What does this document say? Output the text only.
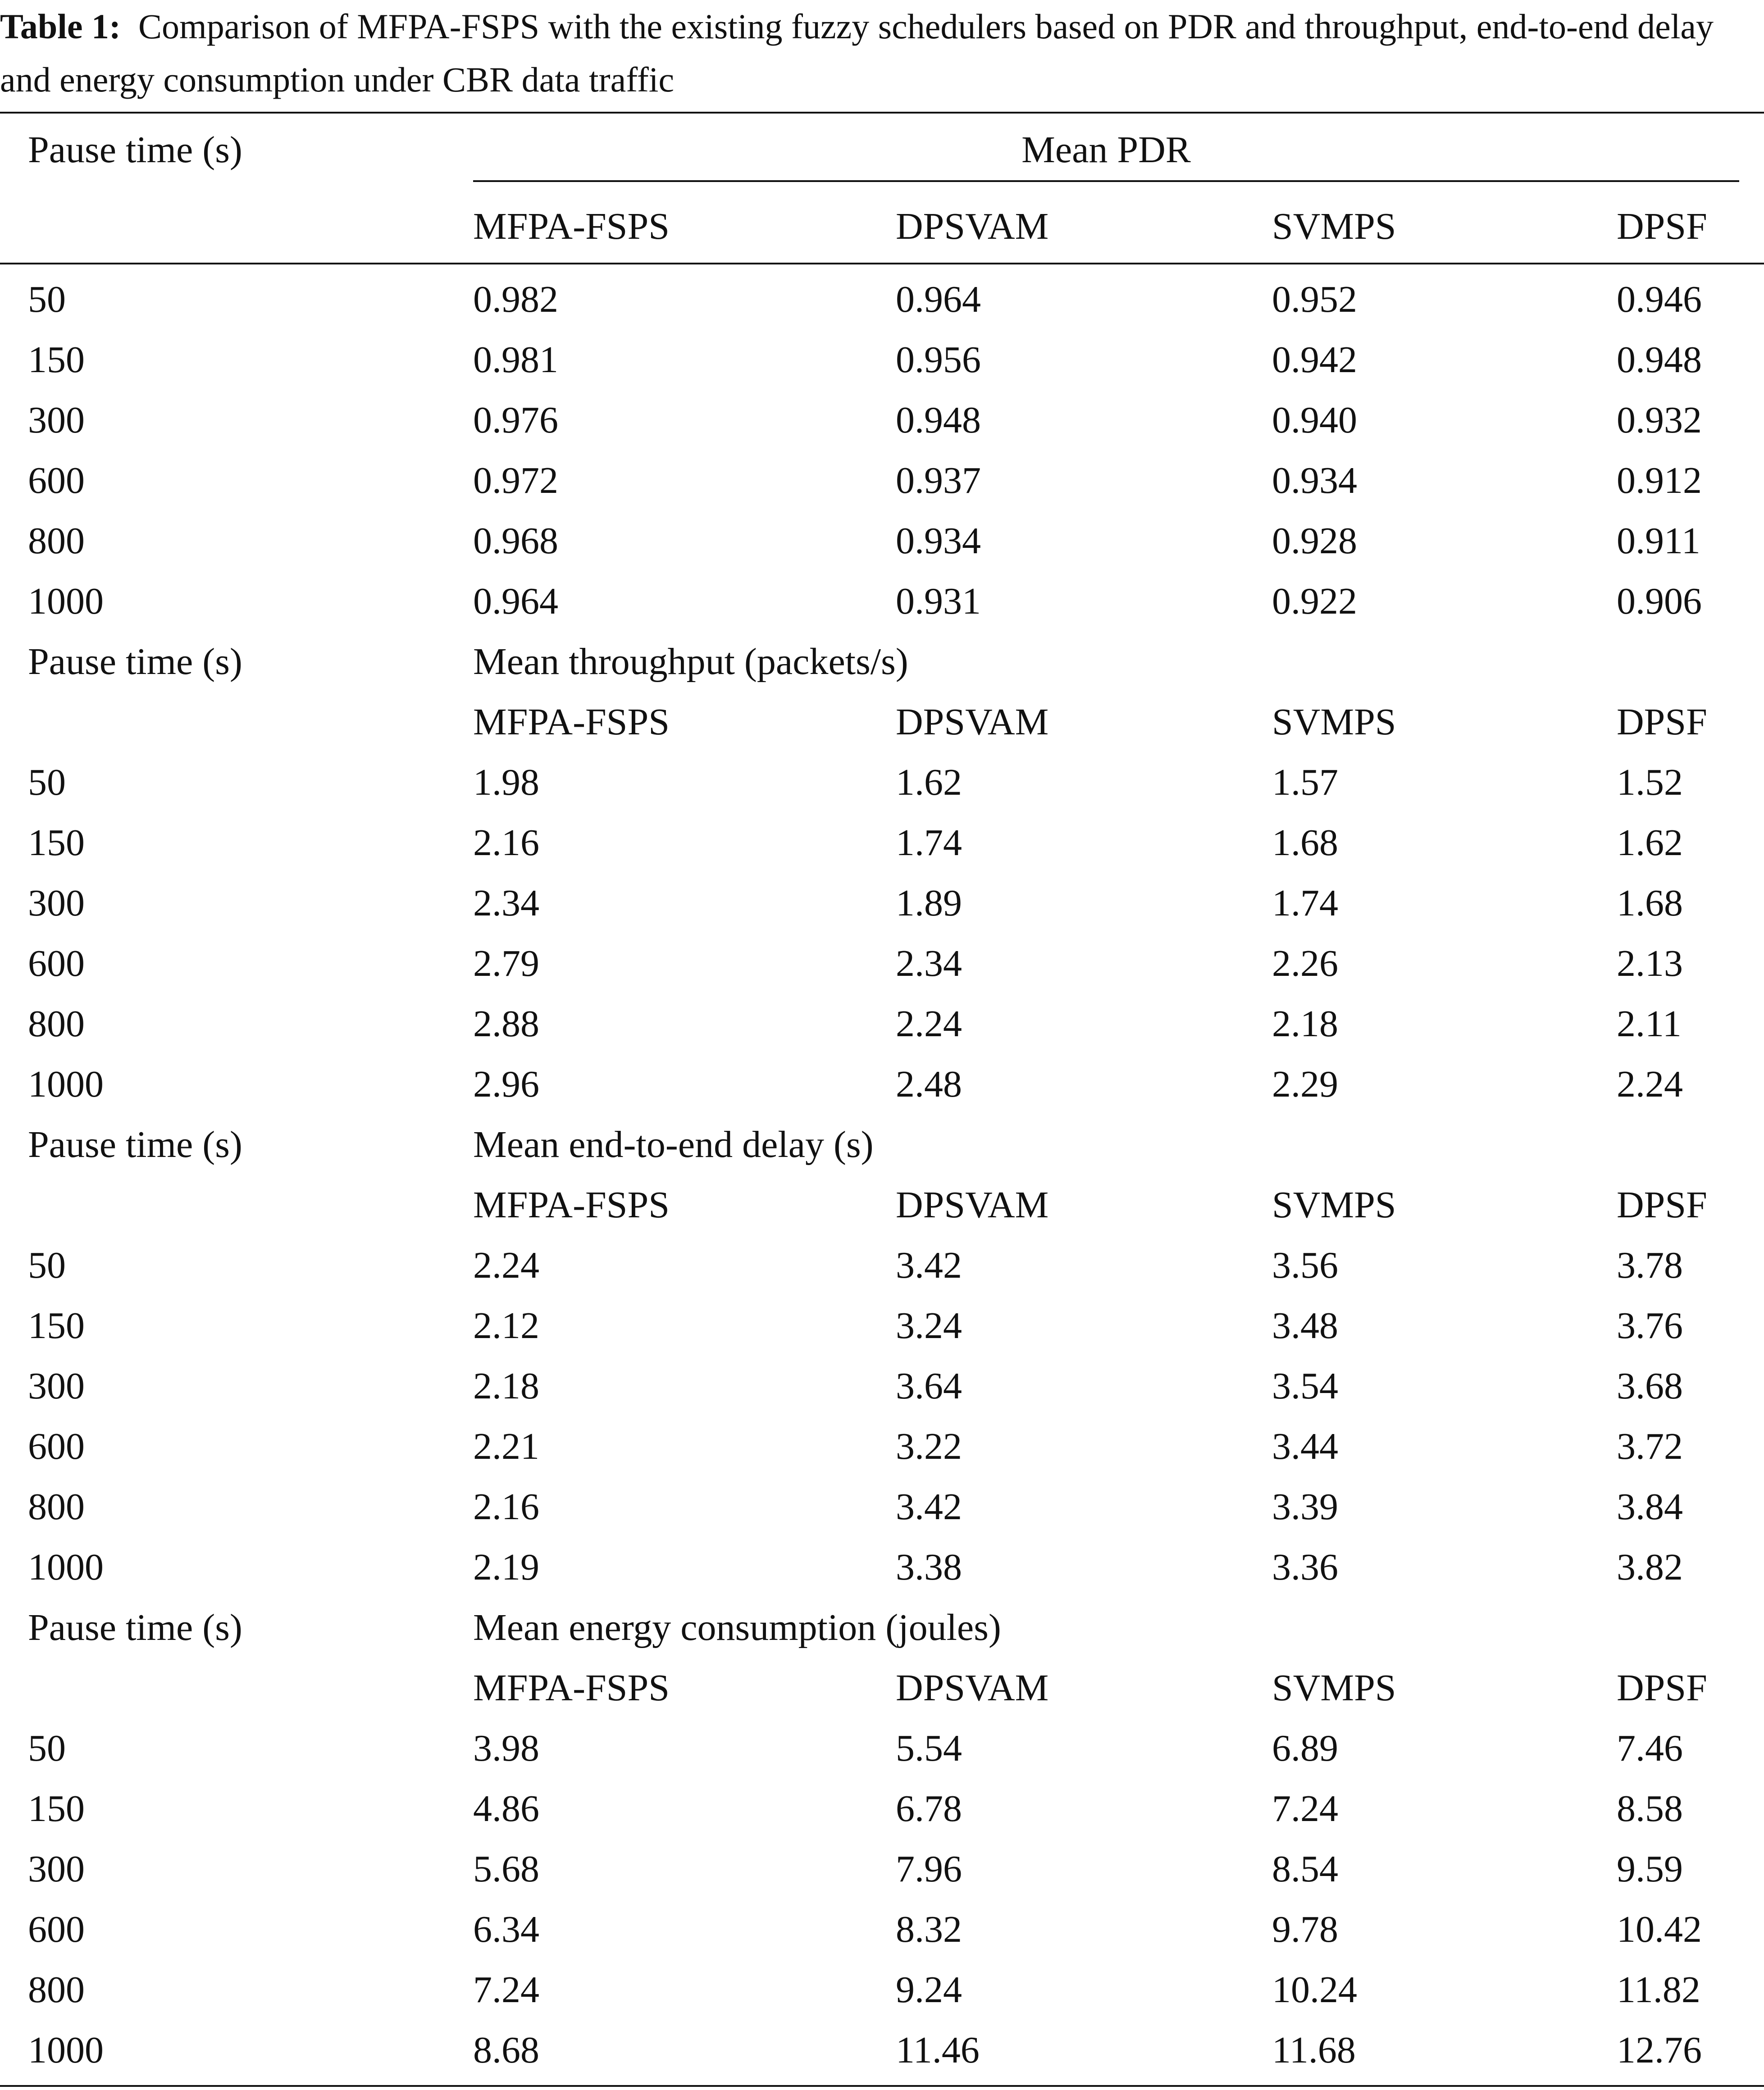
Table 1: Comparison of MFPA-FSPS with the existing fuzzy schedulers based on PDR and throughput, end-to-end delay and energy consumption under CBR data traffic

Pause time (s)	Mean PDR
MFPA-FSPS	DPSVAM	SVMPS	DPSF
50	0.982	0.964	0.952	0.946
150	0.981	0.956	0.942	0.948
300	0.976	0.948	0.940	0.932
600	0.972	0.937	0.934	0.912
800	0.968	0.934	0.928	0.911
1000	0.964	0.931	0.922	0.906
Pause time (s)	Mean throughput (packets/s)
MFPA-FSPS	DPSVAM	SVMPS	DPSF
50	1.98	1.62	1.57	1.52
150	2.16	1.74	1.68	1.62
300	2.34	1.89	1.74	1.68
600	2.79	2.34	2.26	2.13
800	2.88	2.24	2.18	2.11
1000	2.96	2.48	2.29	2.24
Pause time (s)	Mean end-to-end delay (s)
MFPA-FSPS	DPSVAM	SVMPS	DPSF
50	2.24	3.42	3.56	3.78
150	2.12	3.24	3.48	3.76
300	2.18	3.64	3.54	3.68
600	2.21	3.22	3.44	3.72
800	2.16	3.42	3.39	3.84
1000	2.19	3.38	3.36	3.82
Pause time (s)	Mean energy consumption (joules)
MFPA-FSPS	DPSVAM	SVMPS	DPSF
50	3.98	5.54	6.89	7.46
150	4.86	6.78	7.24	8.58
300	5.68	7.96	8.54	9.59
600	6.34	8.32	9.78	10.42
800	7.24	9.24	10.24	11.82
1000	8.68	11.46	11.68	12.76
